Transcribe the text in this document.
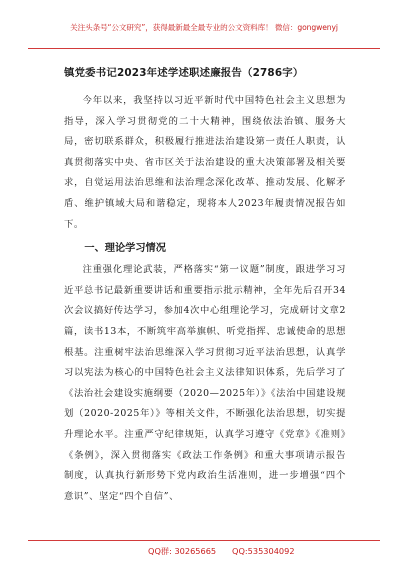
关注头条号“公文研究”，获得最新最全最专业的公文资料库！ 微信：gongwenyj
镇党委书记2023年述学述职述廉报告（2786字）

今年以来，我坚持以习近平新时代中国特色社会主义思想为指导，深入学习贯彻党的二十大精神，围绕依法治镇、服务大局，密切联系群众，积极履行推进法治建设第一责任人职责，认真贯彻落实中央、省市区关于法治建设的重大决策部署及相关要求，自觉运用法治思维和法治理念深化改革、推动发展、化解矛盾、维护镇域大局和谐稳定，现将本人2023年履责情况报告如下。

一、理论学习情况

注重强化理论武装，严格落实“第一议题”制度，跟进学习习近平总书记最新重要讲话和重要指示批示精神，全年先后召开34次会议搞好传达学习，参加4次中心组理论学习，完成研讨文章2篇，读书13本，不断筑牢高举旗帜、听党指挥、忠诚使命的思想根基。注重树牢法治思维深入学习贯彻习近平法治思想，认真学习以宪法为核心的中国特色社会主义法律知识体系，先后学习了《法治社会建设实施纲要（2020—2025年）》《法治中国建设规划（2020-2025年）》等相关文件，不断强化法治思想，切实提升理论水平。注重严守纪律规矩，认真学习遵守《党章》《准则》《条例》，深入贯彻落实《政法工作条例》和重大事项请示报告制度，认真执行新形势下党内政治生活准则，进一步增强“四个意识”、坚定“四个自信”、

QQ群: 30265665 QQ:535304092
